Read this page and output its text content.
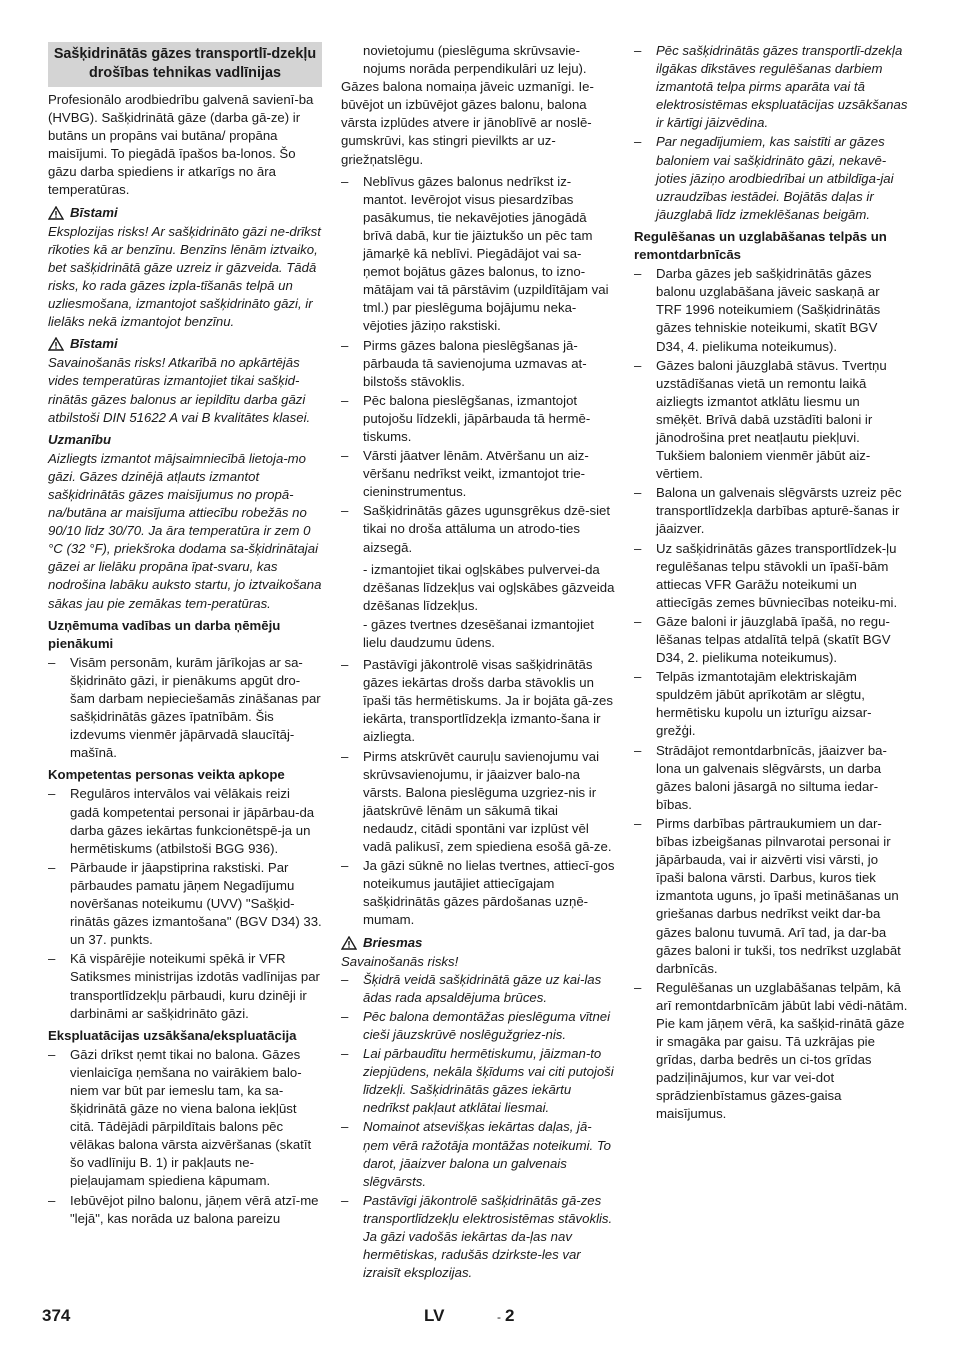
Sašķidrinātās gāzes transportlī-dzekļu drošības tehnikas vadlīnijas

Profesionālo arodbiedrību galvenā savienī-ba (HVBG). Sašķidrinātā gāze (darba gā-ze) ir butāns un propāns vai butāna/ propāna maisījumi. To piegādā īpašos ba-lonos. Šo gāzu darba spiediens ir atkarīgs no āra temperatūras.

Bīstami

Eksplozijas risks! Ar sašķidrināto gāzi ne-drīkst rīkoties kā ar benzīnu. Benzīns lēnām iztvaiko, bet sašķidrinātā gāze uzreiz ir gāzveida. Tādā risks, ko rada gāzes izpla-tīšanās telpā un uzliesmošana, izmantojot sašķidrināto gāzi, ir lielāks nekā izmantojot benzīnu.

Bīstami

Savainošanās risks! Atkarībā no apkārtējās vides temperatūras izmantojiet tikai sašķid-rinātās gāzes balonus ar iepildītu darba gāzi atbilstoši DIN 51622 A vai B kvalitātes klasei.

Uzmanību

Aizliegts izmantot mājsaimniecībā lietoja-mo gāzi. Gāzes dzinējā atļauts izmantot sašķidrinātās gāzes maisījumus no propā-na/butāna ar maisījuma attiecību robežās no 90/10 līdz 30/70. Ja āra temperatūra ir zem 0 °C (32 °F), priekšroka dodama sa-šķidrinātajai gāzei ar lielāku propāna īpat-svaru, kas nodrošina labāku auksto startu, jo iztvaikošana sākas jau pie zemākas tem-peratūras.

Uzņēmuma vadības un darba ņēmēju pienākumi
–	Visām personām, kurām jārīkojas ar sa-šķidrināto gāzi, ir pienākums apgūt dro-šam darbam nepieciešamās zināšanas par sašķidrinātās gāzes īpatnībām. Šis izdevums vienmēr jāpārvadā slaucītāj-mašīnā.
Kompetentas personas veikta apkope
–	Regulāros intervālos vai vēlākais reizi gadā kompetentai personai ir jāpārbau-da darba gāzes iekārtas funkcionētspē-ja un hermētiskums (atbilstoši BGG 936).
–	Pārbaude ir jāapstiprina rakstiski. Par pārbaudes pamatu jāņem Negadījumu novēršanas noteikumu (UVV) "Sašķid-rinātās gāzes izmantošana" (BGV D34) 33. un 37. punkts.
–	Kā vispārējie noteikumi spēkā ir VFR Satiksmes ministrijas izdotās vadlīnijas par transportlīdzekļu pārbaudi, kuru dzinēji ir darbināmi ar sašķidrināto gāzi.
Ekspluatācijas uzsākšana/ekspluatācija
–	Gāzi drīkst ņemt tikai no balona. Gāzes vienlaicīga ņemšana no vairākiem balo-niem var būt par iemeslu tam, ka sa-šķidrinātā gāze no viena balona iekļūst citā. Tādējādi pārpildītais balons pēc vēlākas balona vārsta aizvēršanas (skatīt šo vadlīniju B. 1) ir pakļauts ne-pieļaujamam spiediena kāpumam.
–	Iebūvējot pilno balonu, jāņem vērā atzī-me "lejā", kas norāda uz balona pareizu

novietojumu (pieslēguma skrūvsavie-nojums norāda perpendikulāri uz leju).

Gāzes balona nomaiņa jāveic uzmanīgi. Ie-būvējot un izbūvējot gāzes balonu, balona vārsta izplūdes atvere ir jānoblīvē ar noslē-gumskrūvi, kas stingri pievilkts ar uz-griežņatslēgu.

–	Neblīvus gāzes balonus nedrīkst iz-mantot. Ievērojot visus piesardzības pasākumus, tie nekavējoties jānogādā brīvā dabā, kur tie jāiztukšo un pēc tam jāmarķē kā neblīvi. Piegādājot vai sa-ņemot bojātus gāzes balonus, to izno-mātājam vai tā pārstāvim (uzpildītājam vai tml.) par pieslēguma bojājumu neka-vējoties jāziņo rakstiski.
–	Pirms gāzes balona pieslēgšanas jā-pārbauda tā savienojuma uzmavas at-bilstošs stāvoklis.
–	Pēc balona pieslēgšanas, izmantojot putojošu līdzekli, jāpārbauda tā hermē-tiskums.
–	Vārsti jāatver lēnām. Atvēršanu un aiz-vēršanu nedrīkst veikt, izmantojot trie-cieninstrumentus.
–	Sašķidrinātās gāzes ugunsgrēkus dzē-siet tikai no droša attāluma un atrodo-ties aizsegā.

- izmantojiet tikai ogļskābes pulvervei-da dzēšanas līdzekļus vai ogļskābes gāzveida dzēšanas līdzekļus.

- gāzes tvertnes dzesēšanai izmantojiet lielu daudzumu ūdens.

–	Pastāvīgi jākontrolē visas sašķidrinātās gāzes iekārtas drošs darba stāvoklis un īpaši tās hermētiskums. Ja ir bojāta gā-zes iekārta, transportlīdzekļa izmanto-šana ir aizliegta.
–	Pirms atskrūvēt cauruļu savienojumu vai skrūvsavienojumu, ir jāaizver balo-na vārsts. Balona pieslēguma uzgriez-nis ir jāatskrūvē lēnām un sākumā tikai nedaudz, citādi spontāni var izplūst vēl vadā palikusī, zem spiediena esošā gā-ze.
–	Ja gāzi sūknē no lielas tvertnes, attiecī-gos noteikumus jautājiet attiecīgajam sašķidrinātās gāzes pārdošanas uzņē-mumam.
Briesmas

Savainošanās risks!

–	Šķidrā veidā sašķidrinātā gāze uz kai-las ādas rada apsaldējuma brūces.
–	Pēc balona demontāžas pieslēguma vītnei cieši jāuzskrūvē noslēgužgriez-nis.
–	Lai pārbaudītu hermētiskumu, jāizman-to ziepjūdens, nekāla šķīdums vai citi putojoši līdzekļi. Sašķidrinātās gāzes iekārtu nedrīkst pakļaut atklātai liesmai.
–	Nomainot atsevišķas iekārtas daļas, jā-ņem vērā ražotāja montāžas noteikumi. To darot, jāaizver balona un galvenais slēgvārsts.
–	Pastāvīgi jākontrolē sašķidrinātās gā-zes transportlīdzekļu elektrosistēmas stāvoklis. Ja gāzi vadošās iekārtas da-ļas nav hermētiskas, radušās dzirkste-les var izraisīt eksplozijas.
–	Pēc sašķidrinātās gāzes transportlī-dzekļa ilgākas dīkstāves regulēšanas darbiem izmantotā telpa pirms aparāta vai tā elektrosistēmas ekspluatācijas uzsākšanas ir kārtīgi jāizvēdina.
–	Par negadījumiem, kas saistīti ar gāzes baloniem vai sašķidrināto gāzi, nekavē-joties jāziņo arodbiedrībai un atbildīga-jai uzraudzības iestādei. Bojātās daļas ir jāuzglabā līdz izmeklēšanas beigām.
Regulēšanas un uzglabāšanas telpās un remontdarbnīcās
–	Darba gāzes jeb sašķidrinātās gāzes balonu uzglabāšana jāveic saskaņā ar TRF 1996 noteikumiem (Sašķidrinātās gāzes tehniskie noteikumi, skatīt BGV D34, 4. pielikuma noteikumus).
–	Gāzes baloni jāuzglabā stāvus. Tvertņu uzstādīšanas vietā un remontu laikā aizliegts izmantot atklātu liesmu un smēķēt. Brīvā dabā uzstādīti baloni ir jānodrošina pret neatļautu piekļuvi. Tukšiem baloniem vienmēr jābūt aiz-vērtiem.
–	Balona un galvenais slēgvārsts uzreiz pēc transportlīdzekļa darbības apturē-šanas ir jāaizver.
–	Uz sašķidrinātās gāzes transportlīdzek-ļu regulēšanas telpu stāvokli un īpašī-bām attiecas VFR Garāžu noteikumi un attiecīgās zemes būvniecības noteiku-mi.
–	Gāze baloni ir jāuzglabā īpašā, no regu-lēšanas telpas atdalītā telpā (skatīt BGV D34, 2. pielikuma noteikumus).
–	Telpās izmantotajām elektriskajām spuldzēm jābūt aprīkotām ar slēgtu, hermētisku kupolu un izturīgu aizsar-grežģi.
–	Strādājot remontdarbnīcās, jāaizver ba-lona un galvenais slēgvārsts, un darba gāzes baloni jāsargā no siltuma iedar-bības.
–	Pirms darbības pārtraukumiem un dar-bības izbeigšanas pilnvarotai personai ir jāpārbauda, vai ir aizvērti visi vārsti, jo īpaši balona vārsti. Darbus, kuros tiek izmantota uguns, jo īpaši metināšanas un griešanas darbus nedrīkst veikt dar-ba gāzes balonu tuvumā. Arī tad, ja dar-ba gāzes baloni ir tukši, tos nedrīkst uzglabāt darbnīcās.
–	Regulēšanas un uzglabāšanas telpām, kā arī remontdarbnīcām jābūt labi vēdi-nātām. Pie kam jāņem vērā, ka sašķid-rinātā gāze ir smagāka par gaisu. Tā uzkrājas pie grīdas, darba bedrēs un ci-tos grīdas padziļinājumos, kur var vei-dot sprādzienbīstamus gāzes-gaisa maisījumus.
374	LV	- 2
